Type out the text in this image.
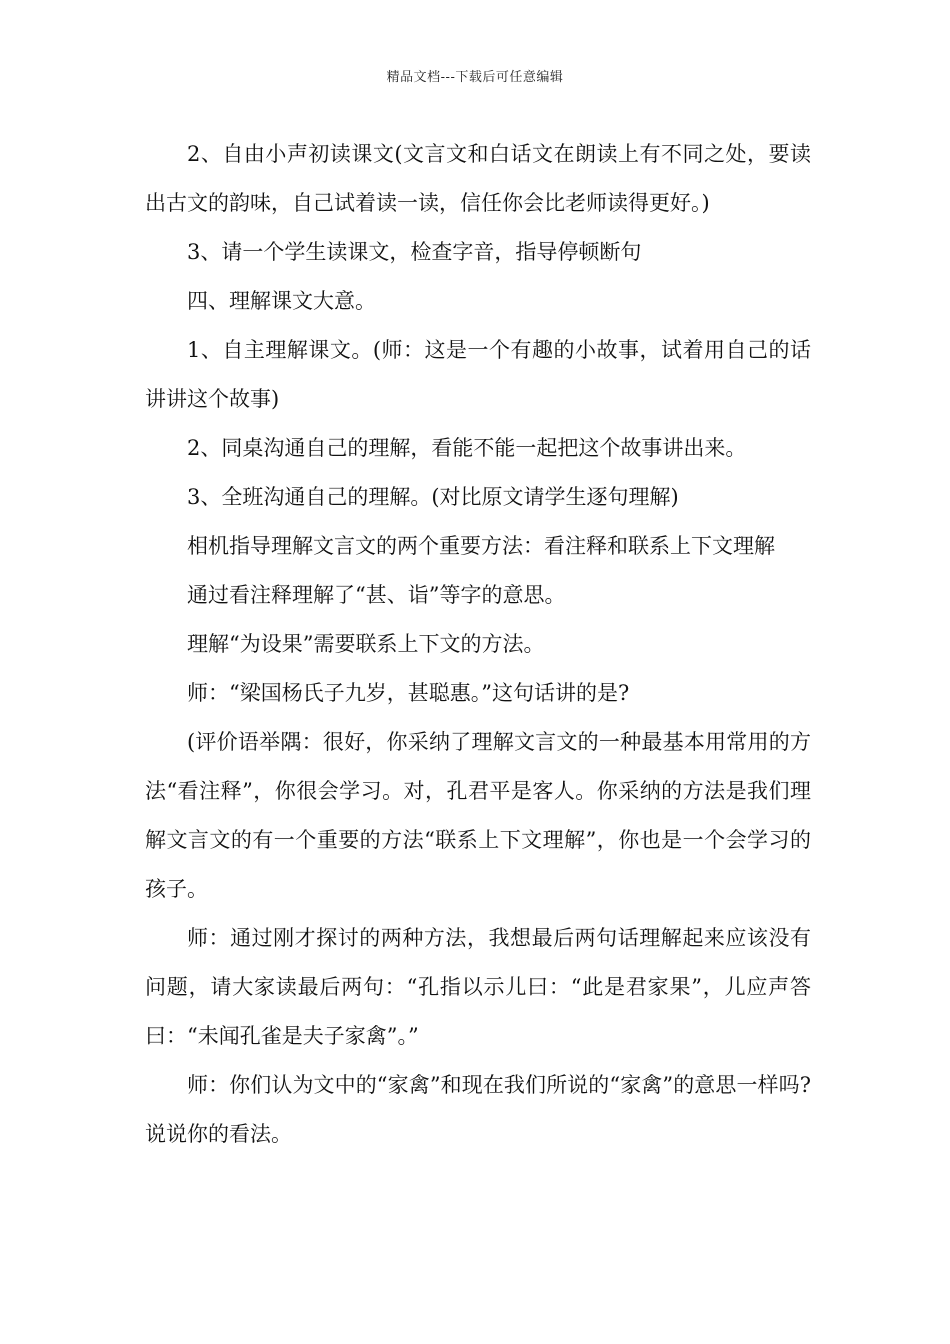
精品文档---下载后可任意编辑

2、自由小声初读课文(文言文和白话文在朗读上有不同之处，要读出古文的韵味，自己试着读一读，信任你会比老师读得更好。)

3、请一个学生读课文，检查字音，指导停顿断句

四、理解课文大意。

1、自主理解课文。(师：这是一个有趣的小故事，试着用自己的话讲讲这个故事)

2、同桌沟通自己的理解，看能不能一起把这个故事讲出来。

3、全班沟通自己的理解。(对比原文请学生逐句理解)

相机指导理解文言文的两个重要方法：看注释和联系上下文理解

通过看注释理解了“甚、诣”等字的意思。

理解“为设果”需要联系上下文的方法。

师：“梁国杨氏子九岁，甚聪惠。”这句话讲的是?

(评价语举隅：很好，你采纳了理解文言文的一种最基本用常用的方法“看注释”，你很会学习。对，孔君平是客人。你采纳的方法是我们理解文言文的有一个重要的方法“联系上下文理解”，你也是一个会学习的孩子。

师：通过刚才探讨的两种方法，我想最后两句话理解起来应该没有问题，请大家读最后两句：“孔指以示儿曰：“此是君家果”，儿应声答曰：“未闻孔雀是夫子家禽”。”

师：你们认为文中的“家禽”和现在我们所说的“家禽”的意思一样吗?说说你的看法。
